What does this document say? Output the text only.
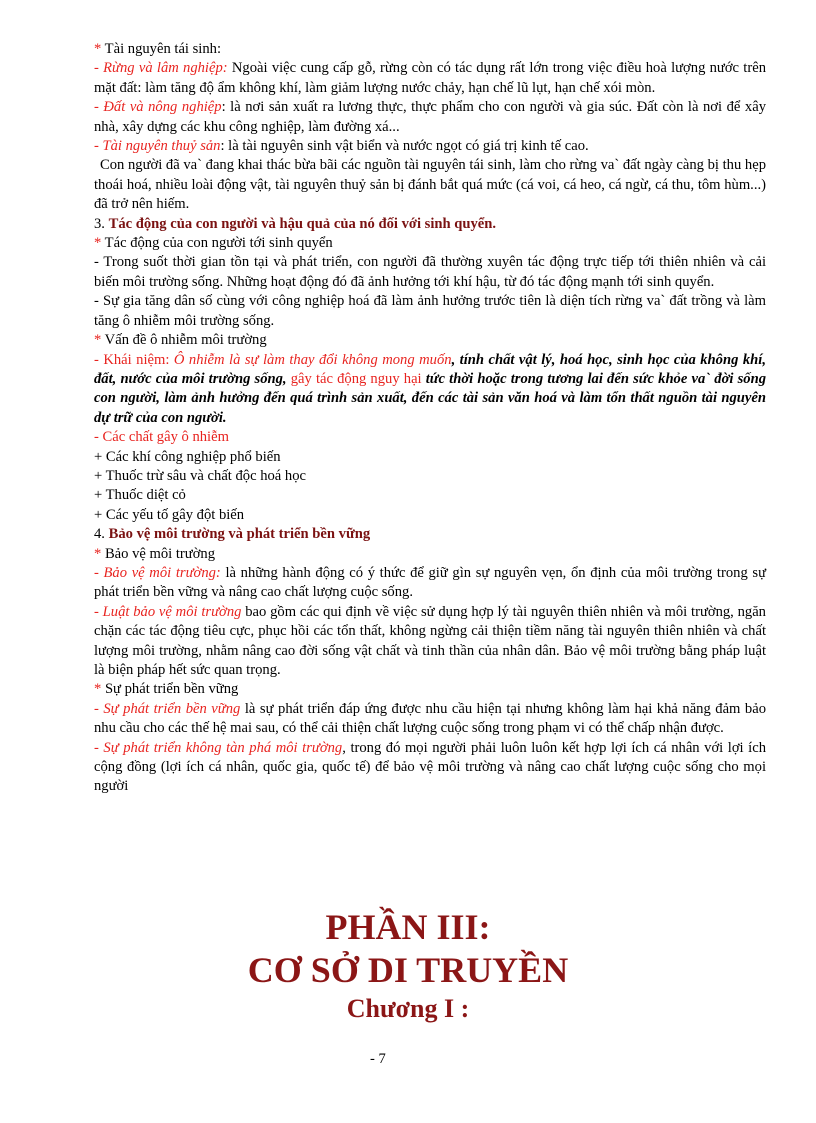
* Tài nguyên tái sinh:
- Rừng và lâm nghiệp: Ngoài việc cung cấp gỗ, rừng còn có tác dụng rất lớn trong việc điều hoà lượng nước trên mặt đất: làm tăng độ ẩm không khí, làm giảm lượng nước chảy, hạn chế lũ lụt, hạn chế xói mòn.
- Đất và nông nghiệp: là nơi sản xuất ra lương thực, thực phẩm cho con người và gia súc. Đất còn là nơi để xây nhà, xây dựng các khu công nghiệp, làm đường xá...
- Tài nguyên thuỷ sản: là tài nguyên sinh vật biển và nước ngọt có giá trị kinh tế cao.
Con người đã va` đang khai thác bừa bãi các nguồn tài nguyên tái sinh, làm cho rừng va` đất ngày càng bị thu hẹp thoái hoá, nhiều loài động vật, tài nguyên thuỷ sản bị đánh bắt quá mức (cá voi, cá heo, cá ngừ, cá thu, tôm hùm...) đã trở nên hiếm.
3. Tác động của con người và hậu quả của nó đối với sinh quyển.
* Tác động của con người tới sinh quyển
- Trong suốt thời gian tồn tại và phát triển, con người đã thường xuyên tác động trực tiếp tới thiên nhiên và cải biến môi trường sống. Những hoạt động đó đã ảnh hưởng tới khí hậu, từ đó tác động mạnh tới sinh quyển.
- Sự gia tăng dân số cùng với công nghiệp hoá đã làm ảnh hưởng trước tiên là diện tích rừng va` đất trồng và làm tăng ô nhiễm môi trường sống.
* Vấn đề ô nhiễm môi trường
- Khái niệm: Ô nhiễm là sự làm thay đổi không mong muốn, tính chất vật lý, hoá học, sinh học của không khí, đất, nước của môi trường sống, gây tác động nguy hại tức thời hoặc trong tương lai đến sức khỏe va` đời sống con người, làm ảnh hưởng đến quá trình sản xuất, đến các tài sản văn hoá và làm tổn thất nguồn tài nguyên dự trữ của con người.
- Các chất gây ô nhiễm
+ Các khí công nghiệp phổ biến
+ Thuốc trừ sâu và chất độc hoá học
+ Thuốc diệt cỏ
+ Các yếu tố gây đột biến
4. Bảo vệ môi trường và phát triển bền vững
* Bảo vệ môi trường
- Bảo vệ môi trường: là những hành động có ý thức để giữ gìn sự nguyên vẹn, ổn định của môi trường trong sự phát triển bền vững và nâng cao chất lượng cuộc sống.
- Luật bảo vệ môi trường bao gồm các qui định về việc sử dụng hợp lý tài nguyên thiên nhiên và môi trường, ngăn chặn các tác động tiêu cực, phục hồi các tổn thất, không ngừng cải thiện tiềm năng tài nguyên thiên nhiên và chất lượng môi trường, nhằm nâng cao đời sống vật chất và tinh thần của nhân dân. Bảo vệ môi trường bằng pháp luật là biện pháp hết sức quan trọng.
* Sự phát triển bền vững
- Sự phát triển bền vững là sự phát triển đáp ứng được nhu cầu hiện tại nhưng không làm hại khả năng đảm bảo nhu cầu cho các thế hệ mai sau, có thể cải thiện chất lượng cuộc sống trong phạm vi có thể chấp nhận được.
- Sự phát triển không tàn phá môi trường, trong đó mọi người phải luôn luôn kết hợp lợi ích cá nhân với lợi ích cộng đồng (lợi ích cá nhân, quốc gia, quốc tế) để bảo vệ môi trường và nâng cao chất lượng cuộc sống cho mọi người
PHẦN III:
CƠ SỞ DI TRUYỀN
Chương I :
- 7
